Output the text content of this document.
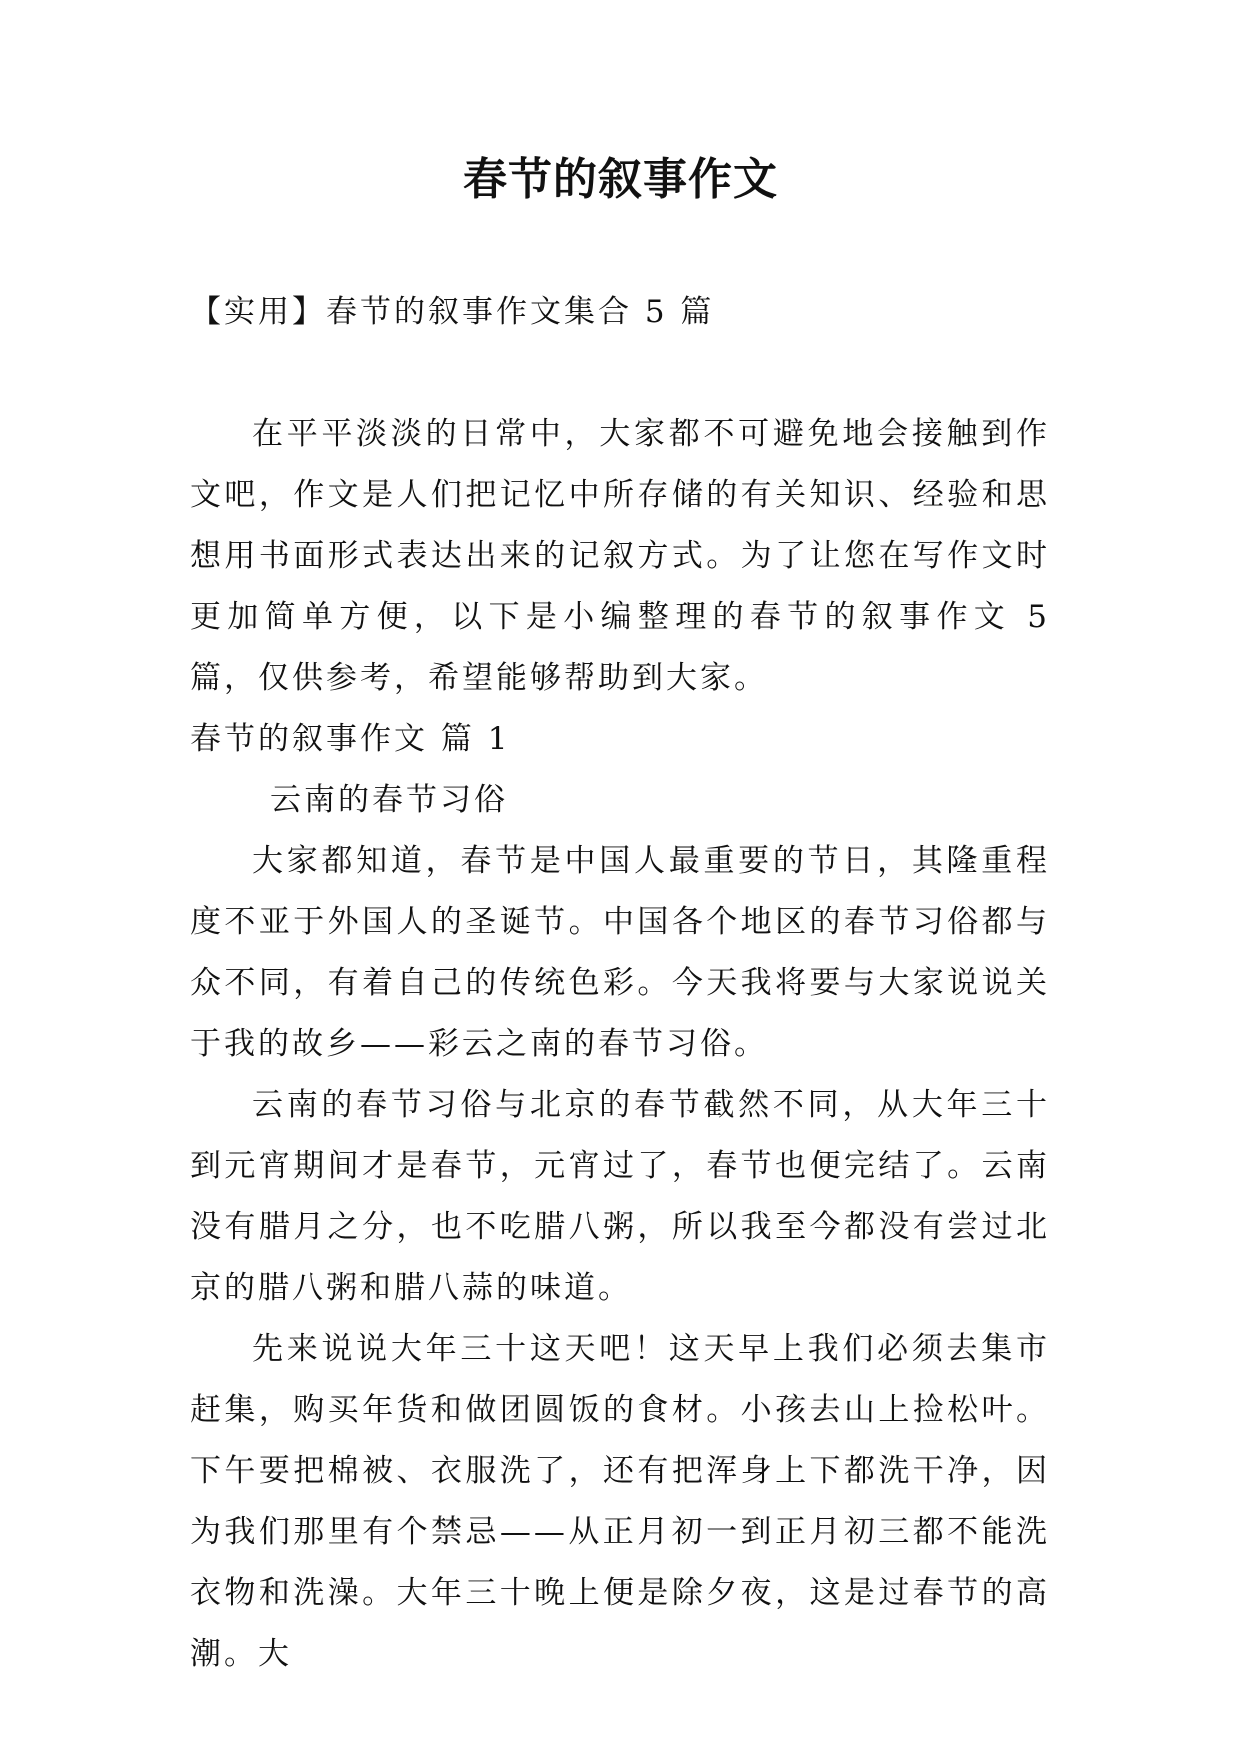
春节的叙事作文
【实用】春节的叙事作文集合 5 篇

在平平淡淡的日常中，大家都不可避免地会接触到作文吧，作文是人们把记忆中所存储的有关知识、经验和思想用书面形式表达出来的记叙方式。为了让您在写作文时更加简单方便，以下是小编整理的春节的叙事作文 5 篇，仅供参考，希望能够帮助到大家。

春节的叙事作文 篇 1

云南的春节习俗

大家都知道，春节是中国人最重要的节日，其隆重程度不亚于外国人的圣诞节。中国各个地区的春节习俗都与众不同，有着自己的传统色彩。今天我将要与大家说说关于我的故乡——彩云之南的春节习俗。

云南的春节习俗与北京的春节截然不同，从大年三十到元宵期间才是春节，元宵过了，春节也便完结了。云南没有腊月之分，也不吃腊八粥，所以我至今都没有尝过北京的腊八粥和腊八蒜的味道。

先来说说大年三十这天吧！这天早上我们必须去集市赶集，购买年货和做团圆饭的食材。小孩去山上捡松叶。下午要把棉被、衣服洗了，还有把浑身上下都洗干净，因为我们那里有个禁忌——从正月初一到正月初三都不能洗衣物和洗澡。大年三十晚上便是除夕夜，这是过春节的高潮。大
